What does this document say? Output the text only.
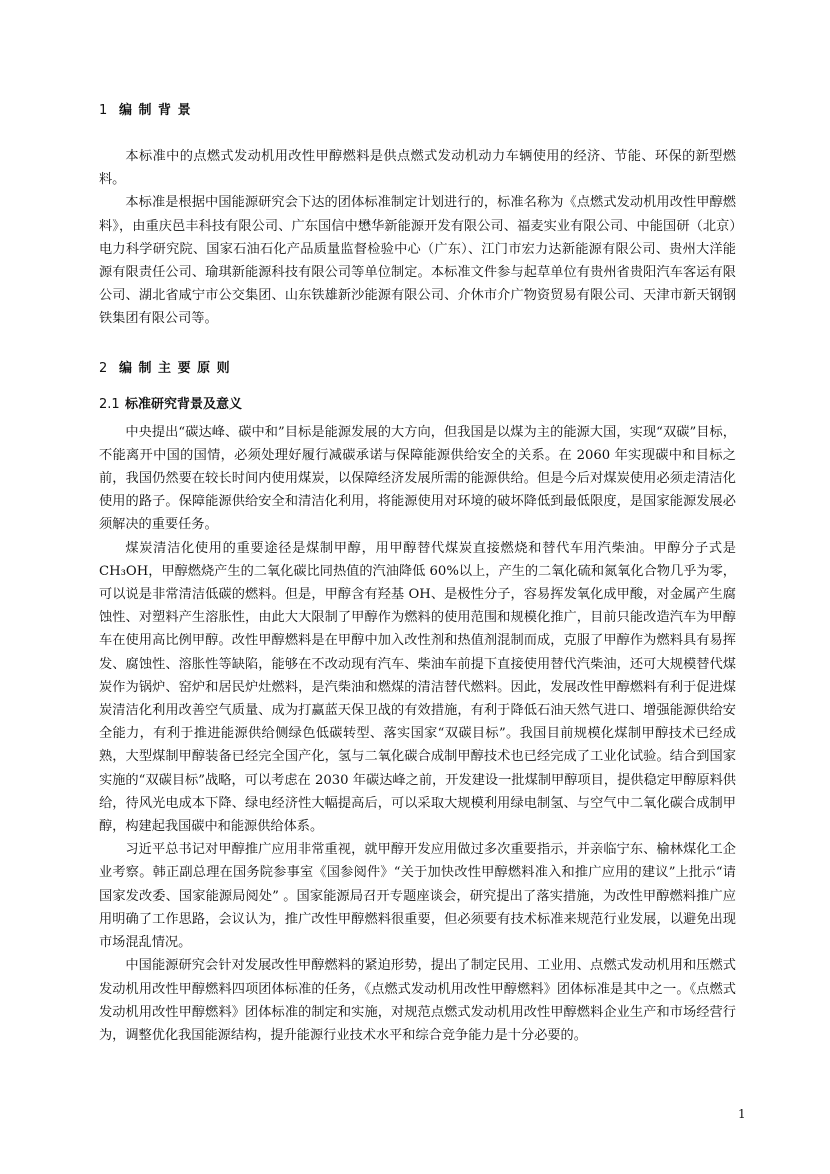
1 编 制 背 景

本标准中的点燃式发动机用改性甲醇燃料是供点燃式发动机动力车辆使用的经济、节能、环保的新型燃料。

本标准是根据中国能源研究会下达的团体标准制定计划进行的，标准名称为《点燃式发动机用改性甲醇燃料》，由重庆邑丰科技有限公司、广东国信中懋华新能源开发有限公司、福麦实业有限公司、中能国研（北京）电力科学研究院、国家石油石化产品质量监督检验中心（广东）、江门市宏力达新能源有限公司、贵州大洋能源有限责任公司、瑜琪新能源科技有限公司等单位制定。本标准文件参与起草单位有贵州省贵阳汽车客运有限公司、湖北省咸宁市公交集团、山东铁雄新沙能源有限公司、介休市介广物资贸易有限公司、天津市新天钢钢铁集团有限公司等。

2 编 制 主 要 原 则
2.1 标准研究背景及意义

中央提出“碳达峰、碳中和”目标是能源发展的大方向，但我国是以煤为主的能源大国，实现“双碳”目标，不能离开中国的国情，必须处理好履行减碳承诺与保障能源供给安全的关系。在 2060 年实现碳中和目标之前，我国仍然要在较长时间内使用煤炭，以保障经济发展所需的能源供给。但是今后对煤炭使用必须走清洁化使用的路子。保障能源供给安全和清洁化利用，将能源使用对环境的破坏降低到最低限度，是国家能源发展必须解决的重要任务。

煤炭清洁化使用的重要途径是煤制甲醇，用甲醇替代煤炭直接燃烧和替代车用汽柴油。甲醇分子式是 CH₃OH，甲醇燃烧产生的二氧化碳比同热值的汽油降低 60%以上，产生的二氧化硫和氮氧化合物几乎为零，可以说是非常清洁低碳的燃料。但是，甲醇含有羟基 OH、是极性分子，容易挥发氧化成甲酸，对金属产生腐蚀性、对塑料产生溶胀性，由此大大限制了甲醇作为燃料的使用范围和规模化推广，目前只能改造汽车为甲醇车在使用高比例甲醇。改性甲醇燃料是在甲醇中加入改性剂和热值剂混制而成，克服了甲醇作为燃料具有易挥发、腐蚀性、溶胀性等缺陷，能够在不改动现有汽车、柴油车前提下直接使用替代汽柴油，还可大规模替代煤炭作为锅炉、窑炉和居民炉灶燃料，是汽柴油和燃煤的清洁替代燃料。因此，发展改性甲醇燃料有利于促进煤炭清洁化利用改善空气质量、成为打赢蓝天保卫战的有效措施，有利于降低石油天然气进口、增强能源供给安全能力，有利于推进能源供给侧绿色低碳转型、落实国家“双碳目标”。我国目前规模化煤制甲醇技术已经成熟，大型煤制甲醇装备已经完全国产化，氢与二氧化碳合成制甲醇技术也已经完成了工业化试验。结合到国家实施的“双碳目标”战略，可以考虑在 2030 年碳达峰之前，开发建设一批煤制甲醇项目，提供稳定甲醇原料供给，待风光电成本下降、绿电经济性大幅提高后，可以采取大规模利用绿电制氢、与空气中二氧化碳合成制甲醇，构建起我国碳中和能源供给体系。

习近平总书记对甲醇推广应用非常重视，就甲醇开发应用做过多次重要指示，并亲临宁东、榆林煤化工企业考察。韩正副总理在国务院参事室《国参阅件》“关于加快改性甲醇燃料准入和推广应用的建议”上批示“请国家发改委、国家能源局阅处” 。国家能源局召开专题座谈会，研究提出了落实措施，为改性甲醇燃料推广应用明确了工作思路，会议认为，推广改性甲醇燃料很重要，但必须要有技术标准来规范行业发展，以避免出现市场混乱情况。

中国能源研究会针对发展改性甲醇燃料的紧迫形势，提出了制定民用、工业用、点燃式发动机用和压燃式发动机用改性甲醇燃料四项团体标准的任务，《点燃式发动机用改性甲醇燃料》团体标准是其中之一。《点燃式发动机用改性甲醇燃料》团体标准的制定和实施，对规范点燃式发动机用改性甲醇燃料企业生产和市场经营行为，调整优化我国能源结构，提升能源行业技术水平和综合竞争能力是十分必要的。

1
